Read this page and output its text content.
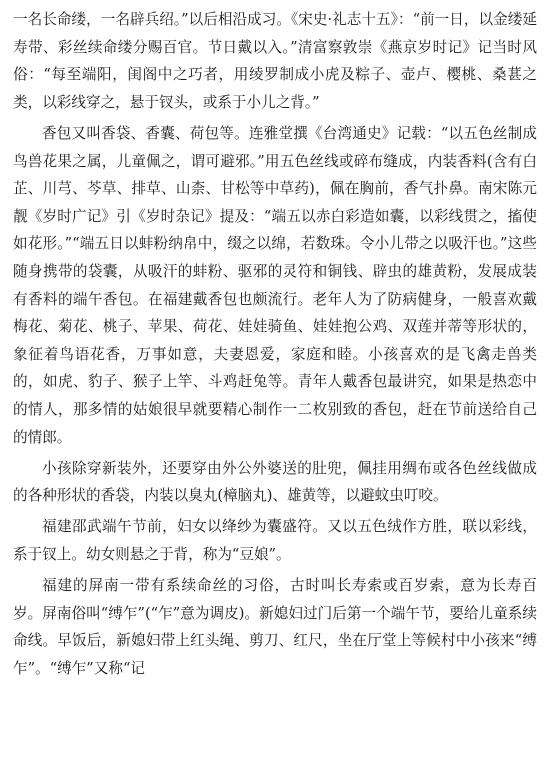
一名长命缕，一名辟兵绍。”以后相沿成习。《宋史·礼志十五》：“前一日，以金缕延寿带、彩丝续命缕分赐百官。节日戴以入。”清富察敦崇《燕京岁时记》记当时风俗：“每至端阳，闺阁中之巧者，用绫罗制成小虎及粽子、壶卢、樱桃、桑葚之类，以彩线穿之，悬于钗头，或系于小儿之背。”

香包又叫香袋、香囊、荷包等。连雅堂撰《台湾通史》记载：“以五色丝制成鸟兽花果之属，儿童佩之，谓可避邪。”用五色丝线或碎布缝成，内装香料(含有白芷、川芎、芩草、排草、山柰、甘松等中草药)，佩在胸前，香气扑鼻。南宋陈元靓《岁时广记》引《岁时杂记》提及：“端五以赤白彩造如囊，以彩线贯之，搐使如花形。”“端五日以蚌粉纳帛中，缀之以绵，若数珠。令小儿带之以吸汗也。”这些随身携带的袋囊，从吸汗的蚌粉、驱邪的灵符和铜钱、辟虫的雄黄粉，发展成装有香料的端午香包。在福建戴香包也颇流行。老年人为了防病健身，一般喜欢戴梅花、菊花、桃子、苹果、荷花、娃娃骑鱼、娃娃抱公鸡、双莲并蒂等形状的，象征着鸟语花香，万事如意，夫妻恩爱，家庭和睦。小孩喜欢的是飞禽走兽类的，如虎、豹子、猴子上竿、斗鸡赶兔等。青年人戴香包最讲究，如果是热恋中的情人，那多情的姑娘很早就要精心制作一二枚别致的香包，赶在节前送给自己的情郎。

小孩除穿新装外，还要穿由外公外婆送的肚兜，佩挂用绸布或各色丝线做成的各种形状的香袋，内装以臭丸(樟脑丸)、雄黄等，以避蚊虫叮咬。

福建邵武端午节前，妇女以绛纱为囊盛符。又以五色绒作方胜，联以彩线，系于钗上。幼女则悬之于背，称为“豆娘”。

福建的屏南一带有系续命丝的习俗，古时叫长寿索或百岁索，意为长寿百岁。屏南俗叫“缚乍”(“乍”意为调皮)。新媳妇过门后第一个端午节，要给儿童系续命线。早饭后，新媳妇带上红头绳、剪刀、红尺，坐在厅堂上等候村中小孩来“缚乍”。“缚乍”又称“记
